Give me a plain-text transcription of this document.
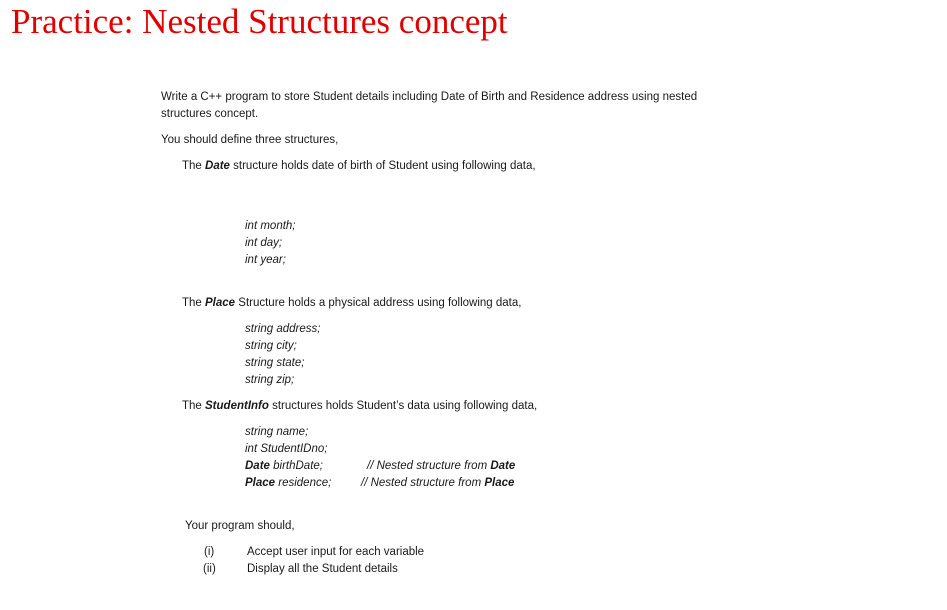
Practice: Nested Structures concept
Write a C++ program to store Student details including Date of Birth and Residence address using nested
structures concept.
You should define three structures,
The Date structure holds date of birth of Student using following data,
int month;
int day;
int year;
The Place Structure holds a physical address using following data,
string address;
string city;
string state;
string zip;
The StudentInfo structures holds Student’s data using following data,
string name;
int StudentIDno;
Date birthDate;	// Nested structure from Date
Place residence;	// Nested structure from Place
Your program should,
(i)	Accept user input for each variable
(ii)	Display all the Student details
